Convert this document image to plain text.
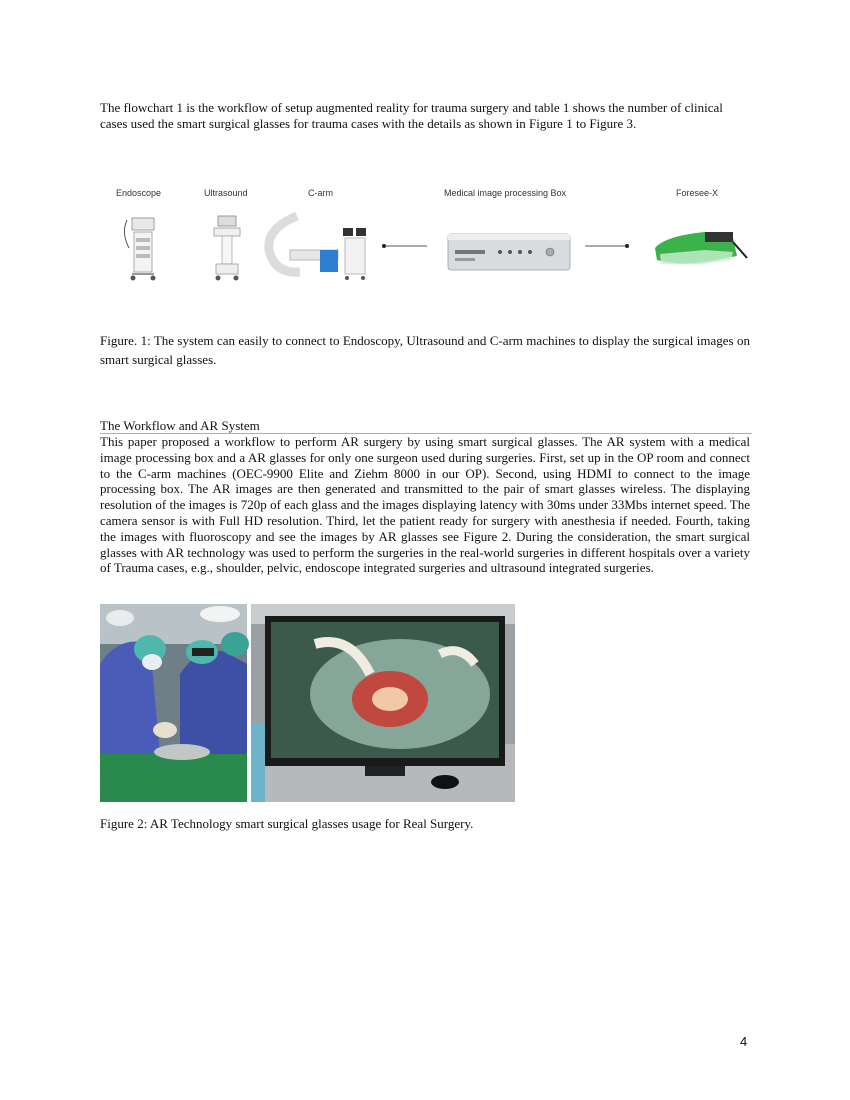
The flowchart 1 is the workflow of setup augmented reality for trauma surgery and table 1 shows the number of clinical cases used the smart surgical glasses for trauma cases with the details as shown in Figure 1 to Figure 3.
Endoscope	Ultrasound	C-arm	Medical image processing Box	Foresee-X
Figure. 1: The system can easily to connect to Endoscopy, Ultrasound and C-arm machines to display the surgical images on smart surgical glasses.
The Workflow and AR System
This paper proposed a workflow to perform AR surgery by using smart surgical glasses. The AR system with a medical image processing box and a AR glasses for only one surgeon used during surgeries. First, set up in the OP room and connect to the C-arm machines (OEC-9900 Elite and Ziehm 8000 in our OP). Second, using HDMI to connect to the image processing box. The AR images are then generated and transmitted to the pair of smart glasses wireless. The displaying resolution of the images is 720p of each glass and the images displaying latency with 30ms under 33Mbs internet speed. The camera sensor is with Full HD resolution. Third, let the patient ready for surgery with anesthesia if needed. Fourth, taking the images with fluoroscopy and see the images by AR glasses see Figure 2. During the consideration, the smart surgical glasses with AR technology was used to perform the surgeries in the real-world surgeries in different hospitals over a variety of Trauma cases, e.g., shoulder, pelvic, endoscope integrated surgeries and ultrasound integrated surgeries.
Figure 2: AR Technology smart surgical glasses usage for Real Surgery.
4
